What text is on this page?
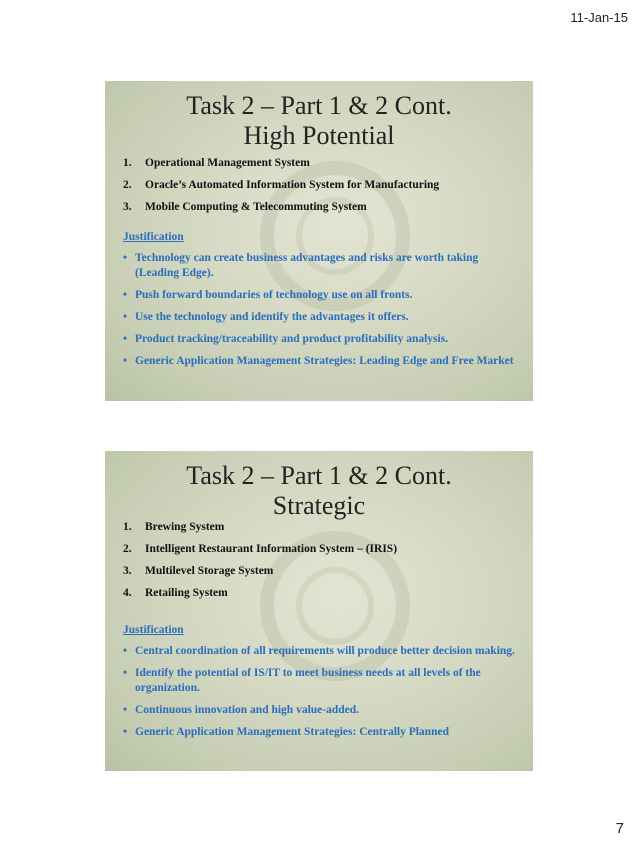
11-Jan-15
Task 2 – Part 1 & 2 Cont.
High Potential
1. Operational Management System
2. Oracle’s Automated Information System for Manufacturing
3. Mobile Computing & Telecommuting System
Justification
• Technology can create business advantages and risks are worth taking (Leading Edge).
• Push forward boundaries of technology use on all fronts.
• Use the technology and identify the advantages it offers.
• Product tracking/traceability and product profitability analysis.
• Generic Application Management Strategies: Leading Edge and Free Market
Task 2 – Part 1 & 2 Cont.
Strategic
1. Brewing System
2. Intelligent Restaurant Information System – (IRIS)
3. Multilevel Storage System
4. Retailing System
Justification
• Central coordination of all requirements will produce better decision making.
• Identify the potential of IS/IT to meet business needs at all levels of the organization.
• Continuous innovation and high value-added.
• Generic Application Management Strategies: Centrally Planned
7
